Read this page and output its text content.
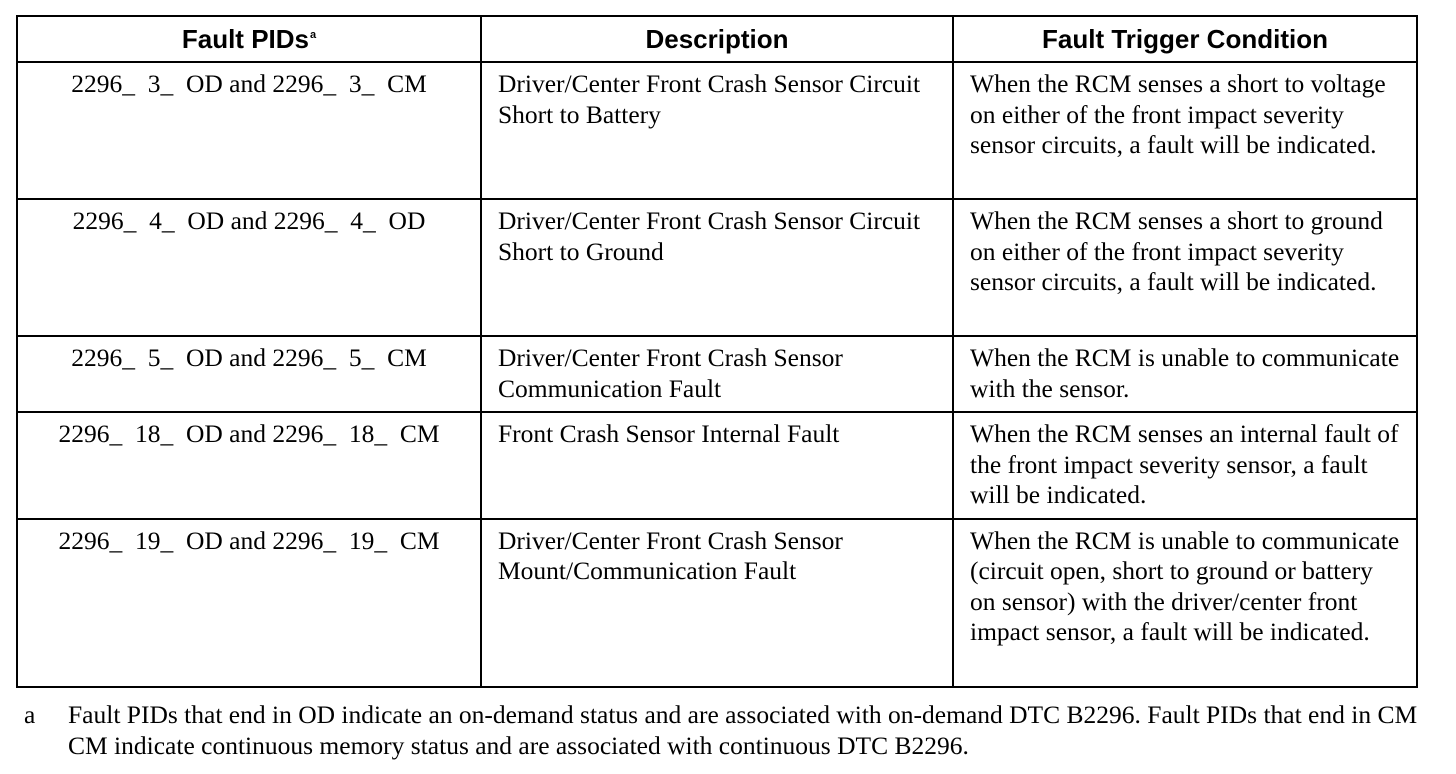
Fault PIDs$^a$	Description	Fault Trigger Condition
2296_  3_  OD and 2296_  3_  CM	Driver/Center Front Crash Sensor Circuit Short to Battery	When the RCM senses a short to voltage on either of the front impact severity sensor circuits, a fault will be indicated.
2296_  4_  OD and 2296_  4_  OD	Driver/Center Front Crash Sensor Circuit Short to Ground	When the RCM senses a short to ground on either of the front impact severity sensor circuits, a fault will be indicated.
2296_  5_  OD and 2296_  5_  CM	Driver/Center Front Crash Sensor Communication Fault	When the RCM is unable to communicate with the sensor.
2296_  18_  OD and 2296_  18_  CM	Front Crash Sensor Internal Fault	When the RCM senses an internal fault of the front impact severity sensor, a fault will be indicated.
2296_  19_  OD and 2296_  19_  CM	Driver/Center Front Crash Sensor Mount/Communication Fault	When the RCM is unable to communicate (circuit open, short to ground or battery on sensor) with the driver/center front impact sensor, a fault will be indicated.
a	Fault PIDs that end in OD indicate an on-demand status and are associated with on-demand DTC B2296. Fault PIDs that end in CM CM indicate continuous memory status and are associated with continuous DTC B2296.
